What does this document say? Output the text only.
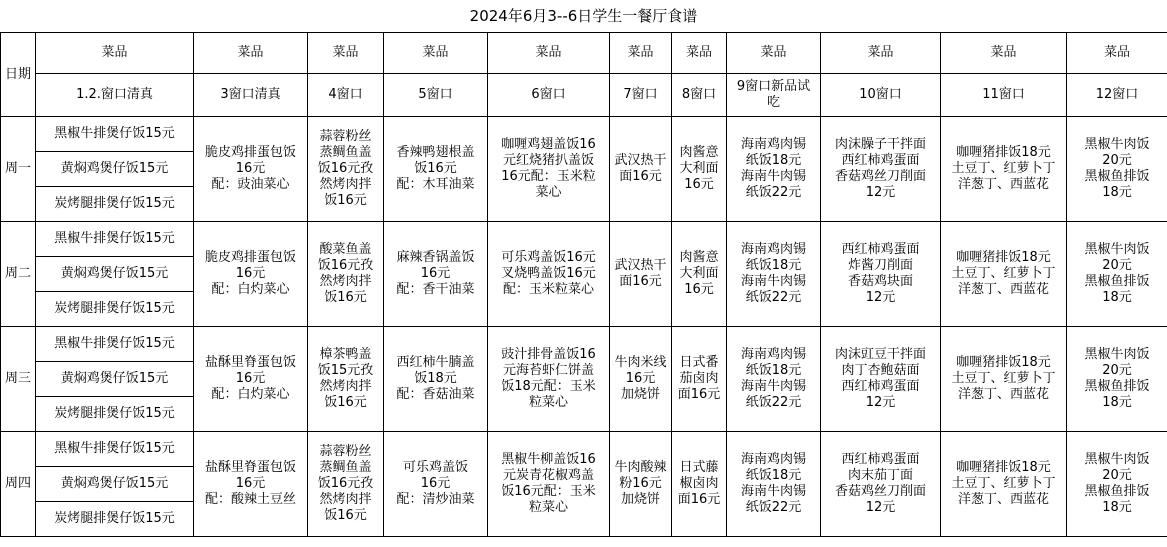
2024年6月3--6日学生一餐厅食谱
日期	菜品	菜品	菜品	菜品	菜品	菜品	菜品	菜品	菜品	菜品	菜品

	1.2.窗口清真	3窗口清真	4窗口	5窗口	6窗口	7窗口	8窗口	9窗口新品试
吃	10窗口	11窗口	12窗口

周一	黑椒牛排煲仔饭15元	脆皮鸡排蛋包饭
16元
配：豉油菜心	蒜蓉粉丝
蒸鲷鱼盖
饭16元孜
然烤肉拌
饭16元	香辣鸭翅根盖
饭16元
配：木耳油菜	咖喱鸡翅盖饭16
元红烧猪扒盖饭
16元配：玉米粒
菜心	武汉热干
面16元	肉酱意
大利面
16元	海南鸡肉锡
纸饭18元
海南牛肉锡
纸饭22元	肉沫臊子干拌面
西红柿鸡蛋面
香菇鸡丝刀削面
12元	咖喱猪排饭18元
土豆丁、红萝卜丁
洋葱丁、西蓝花	黑椒牛肉饭
20元
黑椒鱼排饭
18元

	黄焖鸡煲仔饭15元										
	炭烤腿排煲仔饭15元										
周二	黑椒牛排煲仔饭15元	脆皮鸡排蛋包饭
16元
配：白灼菜心	酸菜鱼盖
饭16元孜
然烤肉拌
饭16元	麻辣香锅盖饭
16元
配：香干油菜	可乐鸡盖饭16元
叉烧鸭盖饭16元
配：玉米粒菜心	武汉热干
面16元	肉酱意
大利面
16元	海南鸡肉锡
纸饭18元
海南牛肉锡
纸饭22元	西红柿鸡蛋面
炸酱刀削面
香菇鸡块面
12元	咖喱猪排饭18元
土豆丁、红萝卜丁
洋葱丁、西蓝花	黑椒牛肉饭
20元
黑椒鱼排饭
18元

	黄焖鸡煲仔饭15元										
	炭烤腿排煲仔饭15元										
周三	黑椒牛排煲仔饭15元	盐酥里脊蛋包饭
16元
配：白灼菜心	樟茶鸭盖
饭15元孜
然烤肉拌
饭16元	西红柿牛腩盖
饭18元
配：香菇油菜	豉汁排骨盖饭16
元海苔虾仁饼盖
饭18元配：玉米
粒菜心	牛肉米线
16元
加烧饼	日式番
茄卤肉
面16元	海南鸡肉锡
纸饭18元
海南牛肉锡
纸饭22元	肉沫豇豆干拌面
肉丁杏鲍菇面
西红柿鸡蛋面
12元	咖喱猪排饭18元
土豆丁、红萝卜丁
洋葱丁、西蓝花	黑椒牛肉饭
20元
黑椒鱼排饭
18元

	黄焖鸡煲仔饭15元										
	炭烤腿排煲仔饭15元										
周四	黑椒牛排煲仔饭15元	盐酥里脊蛋包饭
16元
配：酸辣土豆丝	蒜蓉粉丝
蒸鲷鱼盖
饭16元孜
然烤肉拌
饭16元	可乐鸡盖饭
16元
配：清炒油菜	黑椒牛柳盖饭16
元炭青花椒鸡盖
饭16元配：玉米
粒菜心	牛肉酸辣
粉16元
加烧饼	日式藤
椒卤肉
面16元	海南鸡肉锡
纸饭18元
海南牛肉锡
纸饭22元	西红柿鸡蛋面
肉末茄丁面
香菇鸡丝刀削面
12元	咖喱猪排饭18元
土豆丁、红萝卜丁
洋葱丁、西蓝花	黑椒牛肉饭
20元
黑椒鱼排饭
18元

	黄焖鸡煲仔饭15元										
	炭烤腿排煲仔饭15元										
